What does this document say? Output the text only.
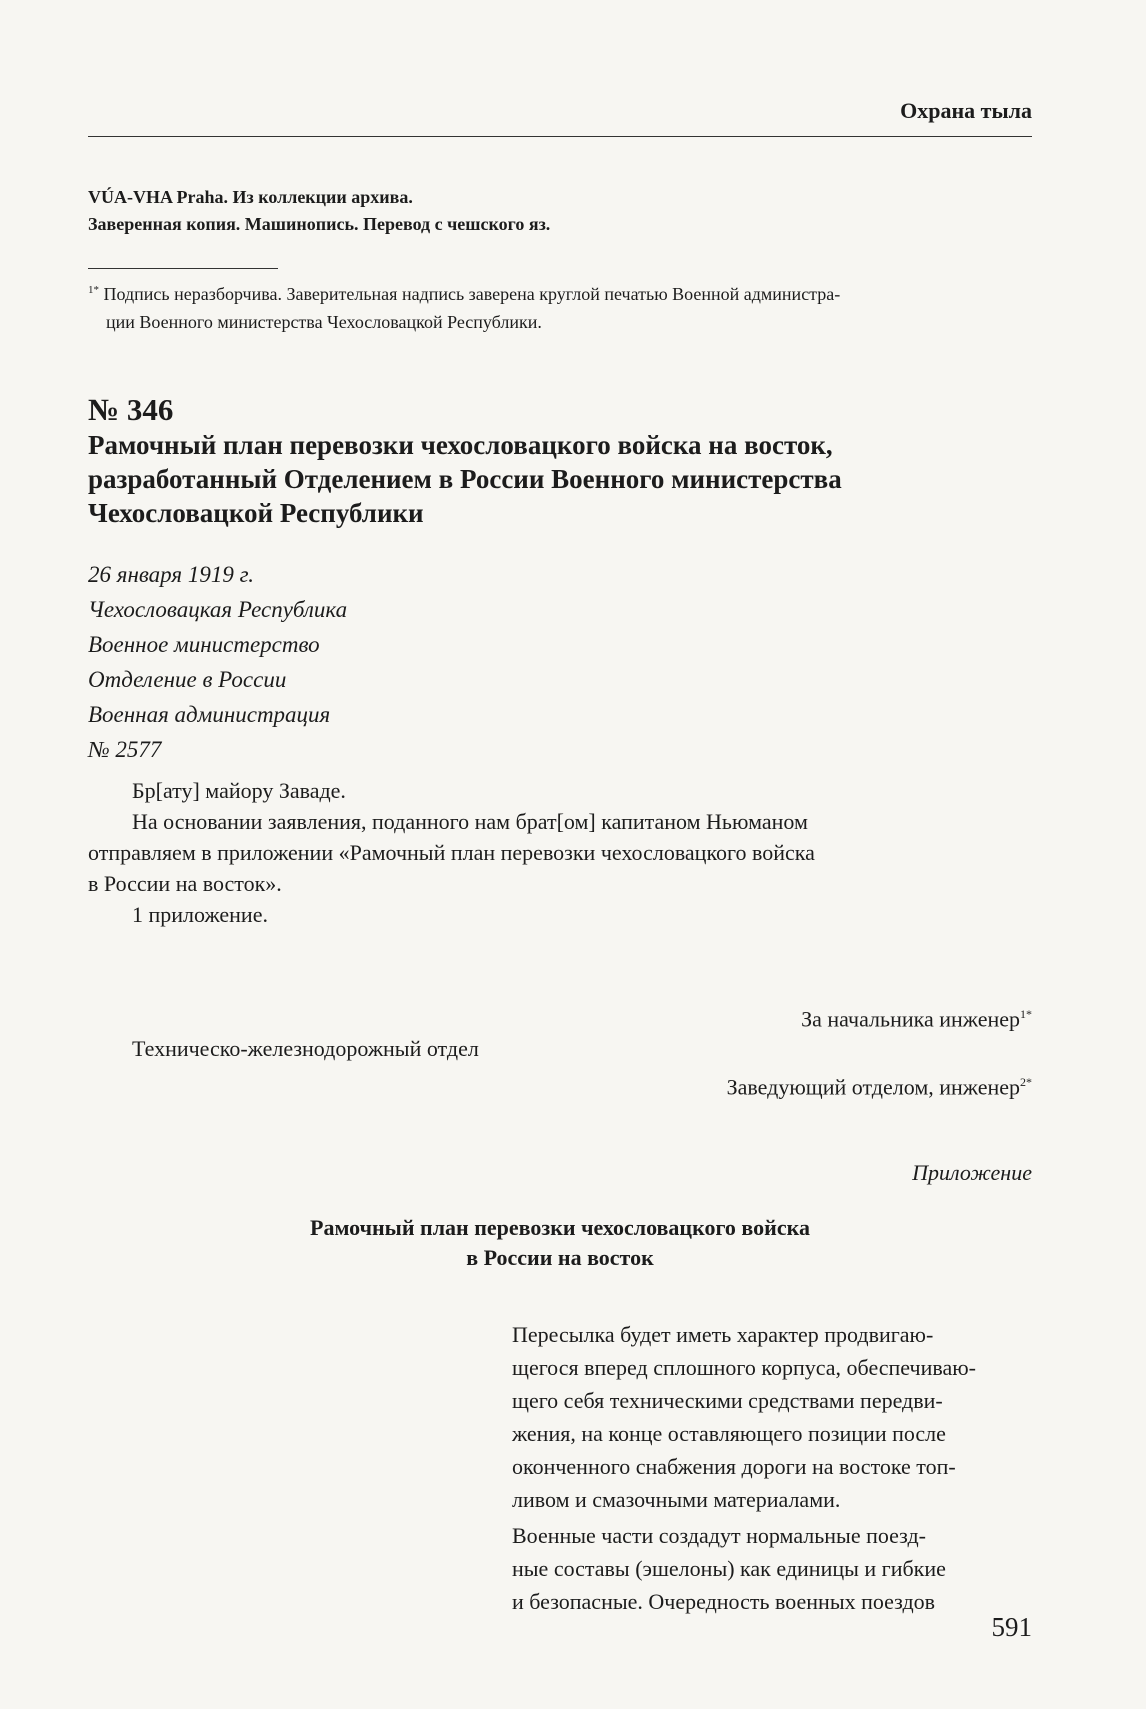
Охрана тыла
VÚA-VHA Praha. Из коллекции архива.
Заверенная копия. Машинопись. Перевод с чешского яз.
$^{1*}$ Подпись неразборчива. Заверительная надпись заверена круглой печатью Военной администра-
ции Военного министерства Чехословацкой Республики.
№ 346
Рамочный план перевозки чехословацкого войска на восток,
разработанный Отделением в России Военного министерства
Чехословацкой Республики
26 января 1919 г.
Чехословацкая Республика
Военное министерство
Отделение в России
Военная администрация
№ 2577
Бр[ату] майору Заваде.
На основании заявления, поданного нам брат[ом] капитаном Ньюманом
отправляем в приложении «Рамочный план перевозки чехословацкого войска
в России на восток».
1 приложение.
За начальника инженер$^{1*}$
Техническо-железнодорожный отдел
Заведующий отделом, инженер$^{2*}$
Приложение
Рамочный план перевозки чехословацкого войска
в России на восток
Пересылка будет иметь характер продвигаю-
щегося вперед сплошного корпуса, обеспечиваю-
щего себя техническими средствами передви-
жения, на конце оставляющего позиции после
оконченного снабжения дороги на востоке топ-
ливом и смазочными материалами.
Военные части создадут нормальные поезд-
ные составы (эшелоны) как единицы и гибкие
и безопасные. Очередность военных поездов
591
